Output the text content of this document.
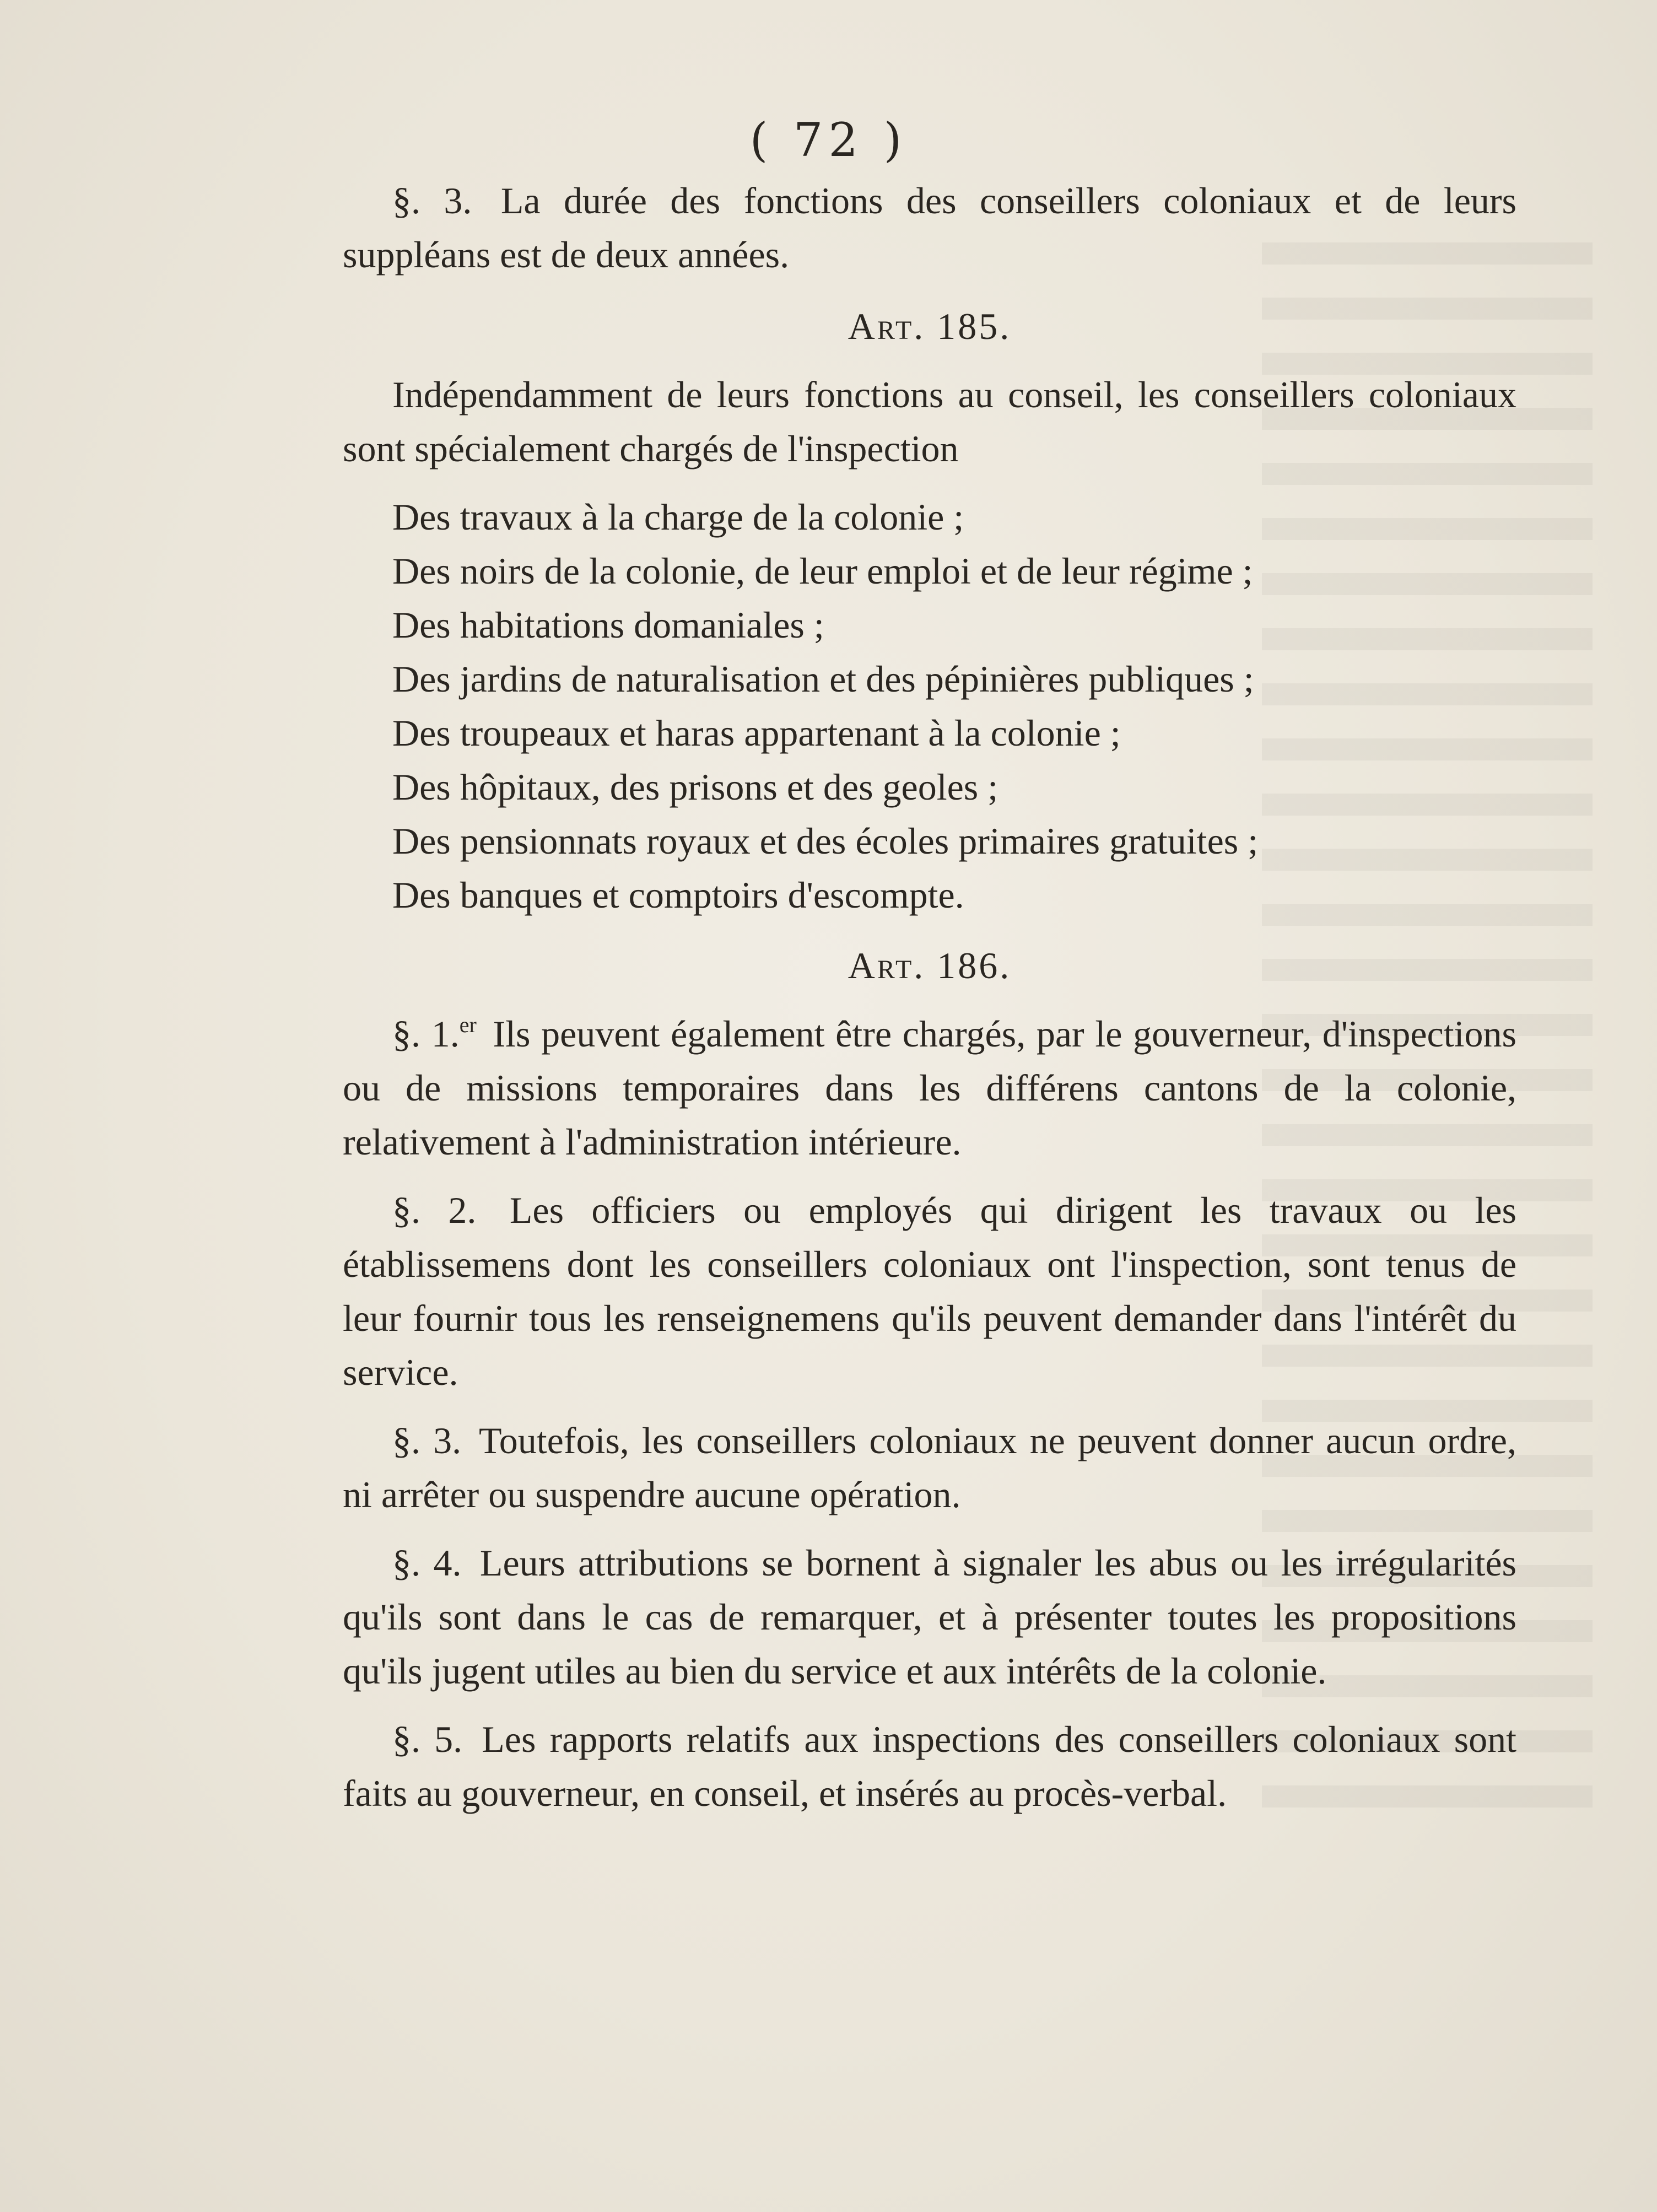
( 72 )

§. 3. La durée des fonctions des conseillers coloniaux et de leurs suppléans est de deux années.

Art. 185.

Indépendamment de leurs fonctions au conseil, les conseillers coloniaux sont spécialement chargés de l'inspection

Des travaux à la charge de la colonie ;
Des noirs de la colonie, de leur emploi et de leur régime ;
Des habitations domaniales ;
Des jardins de naturalisation et des pépinières publiques ;
Des troupeaux et haras appartenant à la colonie ;
Des hôpitaux, des prisons et des geoles ;
Des pensionnats royaux et des écoles primaires gratuites ;
Des banques et comptoirs d'escompte.
Art. 186.

§. 1.$^{er}$ Ils peuvent également être chargés, par le gouverneur, d'inspections ou de missions temporaires dans les différens cantons de la colonie, relativement à l'administration intérieure.

§. 2. Les officiers ou employés qui dirigent les travaux ou les établissemens dont les conseillers coloniaux ont l'inspection, sont tenus de leur fournir tous les renseignemens qu'ils peuvent demander dans l'intérêt du service.

§. 3. Toutefois, les conseillers coloniaux ne peuvent donner aucun ordre, ni arrêter ou suspendre aucune opération.

§. 4. Leurs attributions se bornent à signaler les abus ou les irrégularités qu'ils sont dans le cas de remarquer, et à présenter toutes les propositions qu'ils jugent utiles au bien du service et aux intérêts de la colonie.

§. 5. Les rapports relatifs aux inspections des conseillers coloniaux sont faits au gouverneur, en conseil, et insérés au procès-verbal.
